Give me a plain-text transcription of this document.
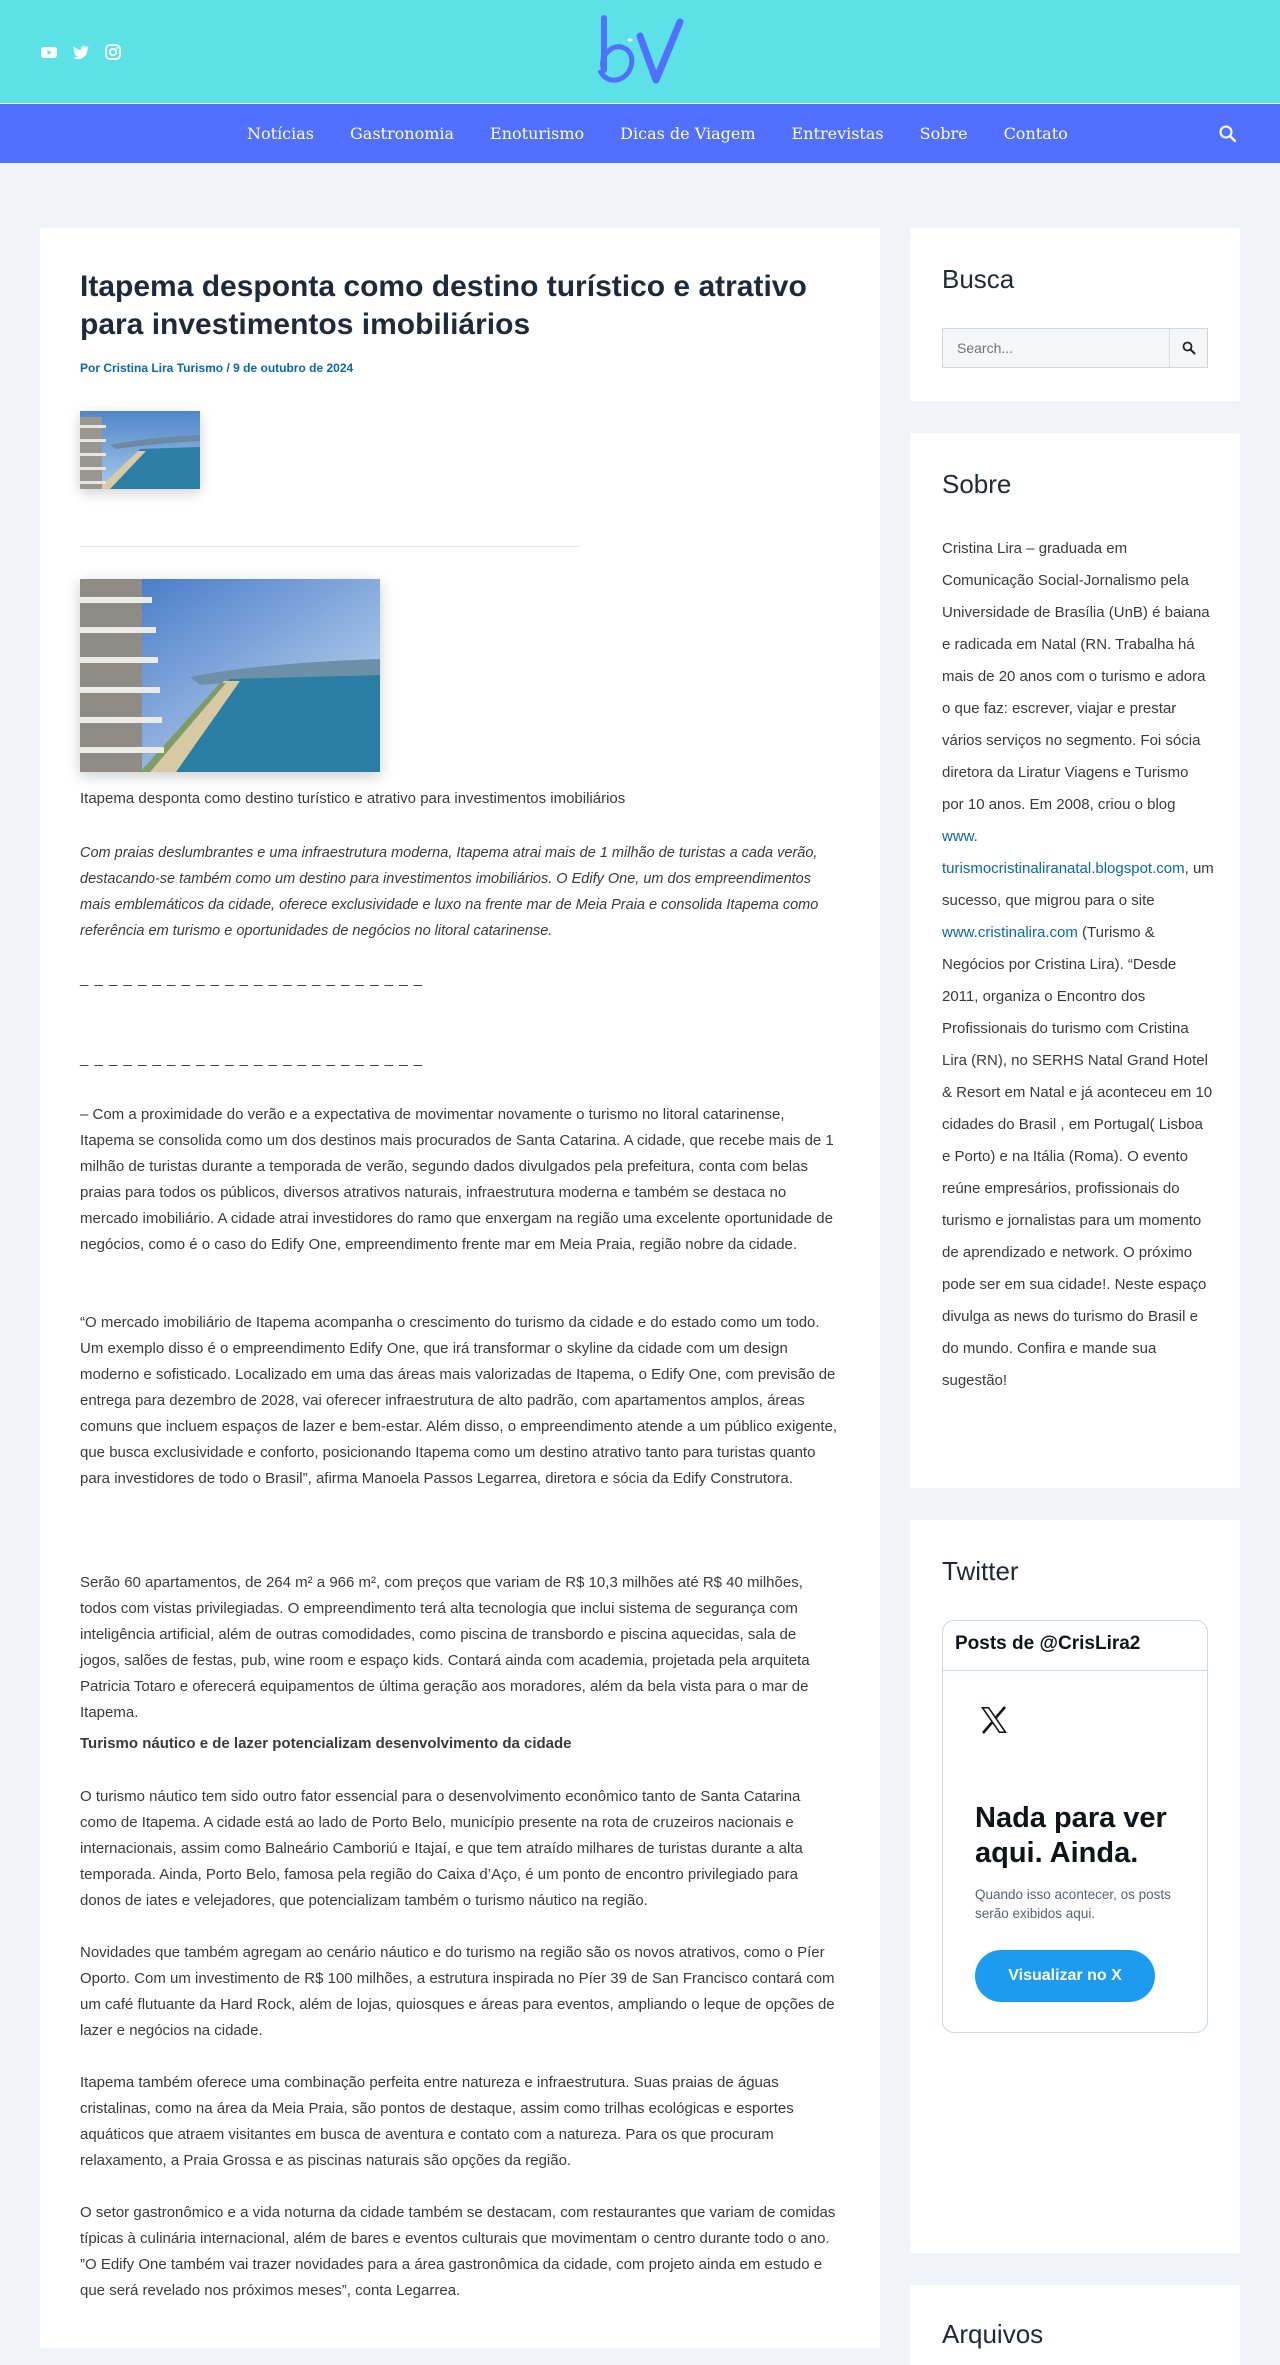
Notícias	Gastronomia	Enoturismo	Dicas de Viagem	Entrevistas	Sobre	Contato
Itapema desponta como destino turístico e atrativo para investimentos imobiliários
Por Cristina Lira Turismo / 9 de outubro de 2024

Itapema desponta como destino turístico e atrativo para investimentos imobiliários

Com praias deslumbrantes e uma infraestrutura moderna, Itapema atrai mais de 1 milhão de turistas a cada verão, destacando-se também como um destino para investimentos imobiliários. O Edify One, um dos empreendimentos mais emblemáticos da cidade, oferece exclusividade e luxo na frente mar de Meia Praia e consolida Itapema como referência em turismo e oportunidades de negócios no litoral catarinense.

_ _ _ _ _ _ _ _ _ _ _ _ _ _ _ _ _ _ _ _ _ _ _ _

_ _ _ _ _ _ _ _ _ _ _ _ _ _ _ _ _ _ _ _ _ _ _ _

– Com a proximidade do verão e a expectativa de movimentar novamente o turismo no litoral catarinense, Itapema se consolida como um dos destinos mais procurados de Santa Catarina. A cidade, que recebe mais de 1 milhão de turistas durante a temporada de verão, segundo dados divulgados pela prefeitura, conta com belas praias para todos os públicos, diversos atrativos naturais, infraestrutura moderna e também se destaca no mercado imobiliário. A cidade atrai investidores do ramo que enxergam na região uma excelente oportunidade de negócios, como é o caso do Edify One, empreendimento frente mar em Meia Praia, região nobre da cidade.

“O mercado imobiliário de Itapema acompanha o crescimento do turismo da cidade e do estado como um todo. Um exemplo disso é o empreendimento Edify One, que irá transformar o skyline da cidade com um design moderno e sofisticado. Localizado em uma das áreas mais valorizadas de Itapema, o Edify One, com previsão de entrega para dezembro de 2028, vai oferecer infraestrutura de alto padrão, com apartamentos amplos, áreas comuns que incluem espaços de lazer e bem-estar. Além disso, o empreendimento atende a um público exigente, que busca exclusividade e conforto, posicionando Itapema como um destino atrativo tanto para turistas quanto para investidores de todo o Brasil”, afirma Manoela Passos Legarrea, diretora e sócia da Edify Construtora.

Serão 60 apartamentos, de 264 m² a 966 m², com preços que variam de R$ 10,3 milhões até R$ 40 milhões, todos com vistas privilegiadas. O empreendimento terá alta tecnologia que inclui sistema de segurança com inteligência artificial, além de outras comodidades, como piscina de transbordo e piscina aquecidas, sala de jogos, salões de festas, pub, wine room e espaço kids. Contará ainda com academia, projetada pela arquiteta Patricia Totaro e oferecerá equipamentos de última geração aos moradores, além da bela vista para o mar de Itapema.

Turismo náutico e de lazer potencializam desenvolvimento da cidade

O turismo náutico tem sido outro fator essencial para o desenvolvimento econômico tanto de Santa Catarina como de Itapema. A cidade está ao lado de Porto Belo, município presente na rota de cruzeiros nacionais e internacionais, assim como Balneário Camboriú e Itajaí, e que tem atraído milhares de turistas durante a alta temporada. Ainda, Porto Belo, famosa pela região do Caixa d’Aço, é um ponto de encontro privilegiado para donos de iates e velejadores, que potencializam também o turismo náutico na região.

Novidades que também agregam ao cenário náutico e do turismo na região são os novos atrativos, como o Píer Oporto. Com um investimento de R$ 100 milhões, a estrutura inspirada no Píer 39 de San Francisco contará com um café flutuante da Hard Rock, além de lojas, quiosques e áreas para eventos, ampliando o leque de opções de lazer e negócios na cidade.

Itapema também oferece uma combinação perfeita entre natureza e infraestrutura. Suas praias de águas cristalinas, como na área da Meia Praia, são pontos de destaque, assim como trilhas ecológicas e esportes aquáticos que atraem visitantes em busca de aventura e contato com a natureza. Para os que procuram relaxamento, a Praia Grossa e as piscinas naturais são opções da região.

O setor gastronômico e a vida noturna da cidade também se destacam, com restaurantes que variam de comidas típicas à culinária internacional, além de bares e eventos culturais que movimentam o centro durante todo o ano. ”O Edify One também vai trazer novidades para a área gastronômica da cidade, com projeto ainda em estudo e que será revelado nos próximos meses”, conta Legarrea.

Busca
Search...
Sobre

Cristina Lira – graduada em Comunicação Social-Jornalismo pela Universidade de Brasília (UnB) é baiana e radicada em Natal (RN. Trabalha há mais de 20 anos com o turismo e adora o que faz: escrever, viajar e prestar vários serviços no segmento. Foi sócia diretora da Liratur Viagens e Turismo por 10 anos. Em 2008, criou o blog www. turismocristinaliranatal.blogspot.com, um sucesso, que migrou para o site www.cristinalira.com (Turismo & Negócios por Cristina Lira). “Desde 2011, organiza o Encontro dos Profissionais do turismo com Cristina Lira (RN), no SERHS Natal Grand Hotel & Resort em Natal e já aconteceu em 10 cidades do Brasil , em Portugal( Lisboa e Porto) e na Itália (Roma). O evento reúne empresários, profissionais do turismo e jornalistas para um momento de aprendizado e network. O próximo pode ser em sua cidade!. Neste espaço divulga as news do turismo do Brasil e do mundo. Confira e mande sua sugestão!

Twitter
Posts de @CrisLira2
Nada para ver aqui. Ainda.
Quando isso acontecer, os posts serão exibidos aqui.
Visualizar no X
Arquivos
